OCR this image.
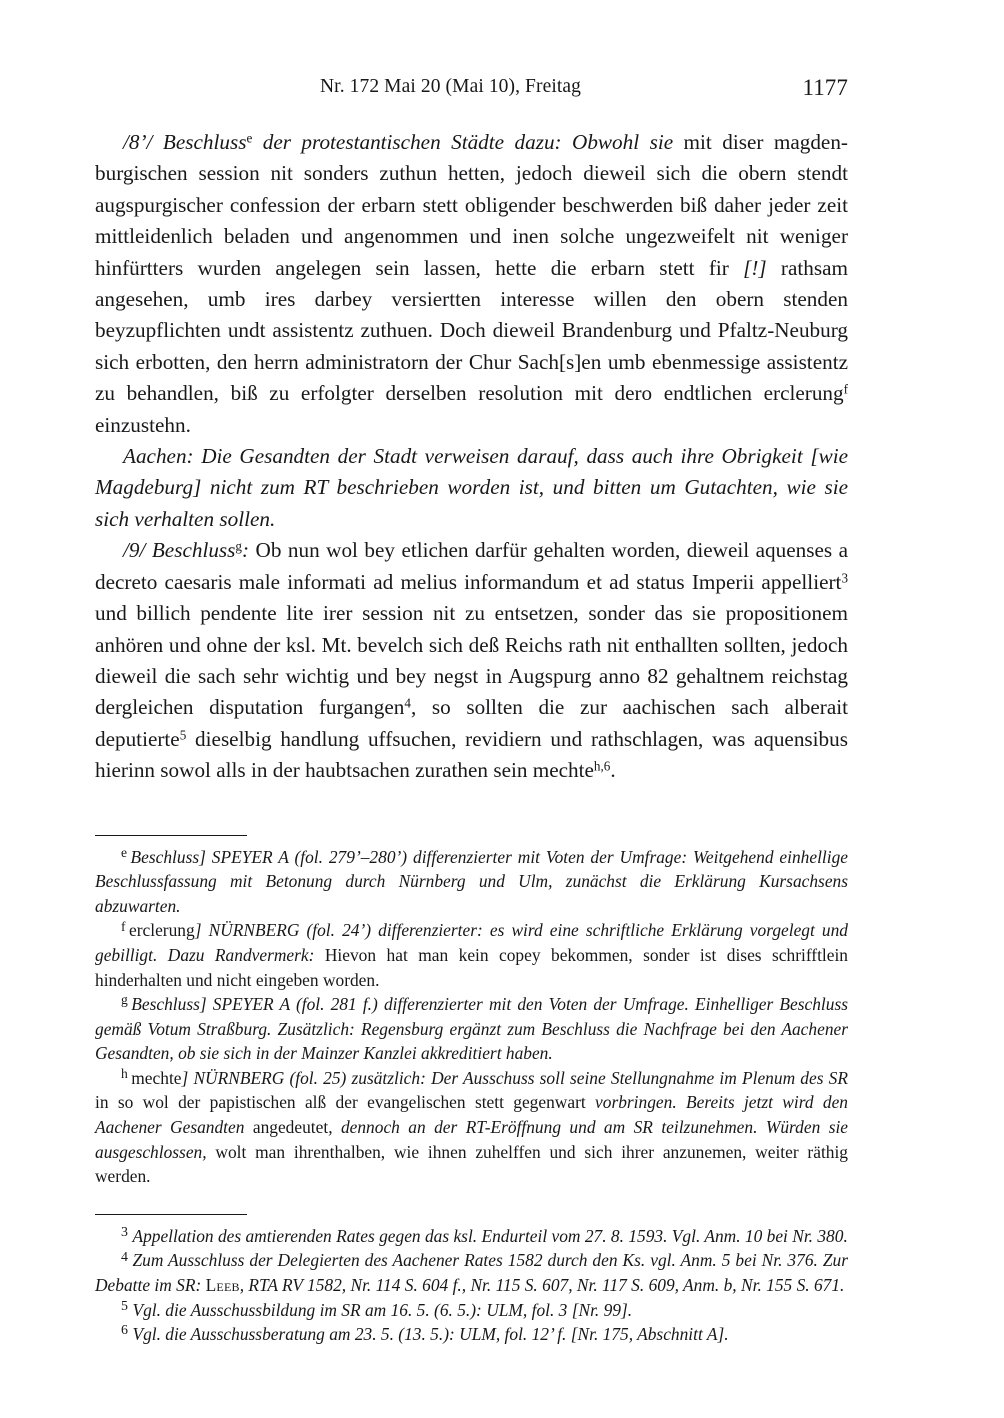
Nr. 172 Mai 20 (Mai 10), Freitag	1177

/8’/ Beschluss$^e$ der protestantischen Städte dazu: Obwohl sie mit diser magden-burgischen session nit sonders zuthun hetten, jedoch dieweil sich die obern stendt augspurgischer confession der erbarn stett obligender beschwerden biß daher jeder zeit mittleidenlich beladen und angenommen und inen solche ungezweifelt nit weniger hinfürtters wurden angelegen sein lassen, hette die erbarn stett fir [!] rathsam angesehen, umb ires darbey versiertten interesse willen den obern stenden beyzupflichten undt assistentz zuthuen. Doch dieweil Brandenburg und Pfaltz-Neuburg sich erbotten, den herrn administratorn der Chur Sach[s]en umb ebenmessige assistentz zu behandlen, biß zu erfolgter derselben resolution mit dero endtlichen erclerung$^f$ einzustehn.

Aachen: Die Gesandten der Stadt verweisen darauf, dass auch ihre Obrigkeit [wie Magdeburg] nicht zum RT beschrieben worden ist, und bitten um Gutachten, wie sie sich verhalten sollen.

/9/ Beschluss$^g$: Ob nun wol bey etlichen darfür gehalten worden, dieweil aquenses a decreto caesaris male informati ad melius informandum et ad status Imperii appelliert$^3$ und billich pendente lite irer session nit zu entsetzen, sonder das sie propositionem anhören und ohne der ksl. Mt. bevelch sich deß Reichs rath nit enthallten sollten, jedoch dieweil die sach sehr wichtig und bey negst in Augspurg anno 82 gehaltnem reichstag dergleichen disputation furgangen$^4$, so sollten die zur aachischen sach alberait deputierte$^5$ dieselbig handlung uffsuchen, revidiern und rathschlagen, was aquensibus hierinn sowol alls in der haubtsachen zurathen sein mechte$^{h,6}$.

$^e$ Beschluss] SPEYER A (fol. 279’–280’) differenzierter mit Voten der Umfrage: Weitgehend einhellige Beschlussfassung mit Betonung durch Nürnberg und Ulm, zunächst die Erklärung Kursachsens abzuwarten.

$^f$ erclerung] NÜRNBERG (fol. 24’) differenzierter: es wird eine schriftliche Erklärung vorgelegt und gebilligt. Dazu Randvermerk: Hievon hat man kein copey bekommen, sonder ist dises schrifftlein hinderhalten und nicht eingeben worden.

$^g$ Beschluss] SPEYER A (fol. 281 f.) differenzierter mit den Voten der Umfrage. Einhelliger Beschluss gemäß Votum Straßburg. Zusätzlich: Regensburg ergänzt zum Beschluss die Nachfrage bei den Aachener Gesandten, ob sie sich in der Mainzer Kanzlei akkreditiert haben.

$^h$ mechte] NÜRNBERG (fol. 25) zusätzlich: Der Ausschuss soll seine Stellungnahme im Plenum des SR in so wol der papistischen alß der evangelischen stett gegenwart vorbringen. Bereits jetzt wird den Aachener Gesandten angedeutet, dennoch an der RT-Eröffnung und am SR teilzunehmen. Würden sie ausgeschlossen, wolt man ihrenthalben, wie ihnen zuhelffen und sich ihrer anzunemen, weiter räthig werden.

$^3$ Appellation des amtierenden Rates gegen das ksl. Endurteil vom 27. 8. 1593. Vgl. Anm. 10 bei Nr. 380.

$^4$ Zum Ausschluss der Delegierten des Aachener Rates 1582 durch den Ks. vgl. Anm. 5 bei Nr. 376. Zur Debatte im SR: Leeb, RTA RV 1582, Nr. 114 S. 604 f., Nr. 115 S. 607, Nr. 117 S. 609, Anm. b, Nr. 155 S. 671.

$^5$ Vgl. die Ausschussbildung im SR am 16. 5. (6. 5.): ULM, fol. 3 [Nr. 99].

$^6$ Vgl. die Ausschussberatung am 23. 5. (13. 5.): ULM, fol. 12’ f. [Nr. 175, Abschnitt A].
